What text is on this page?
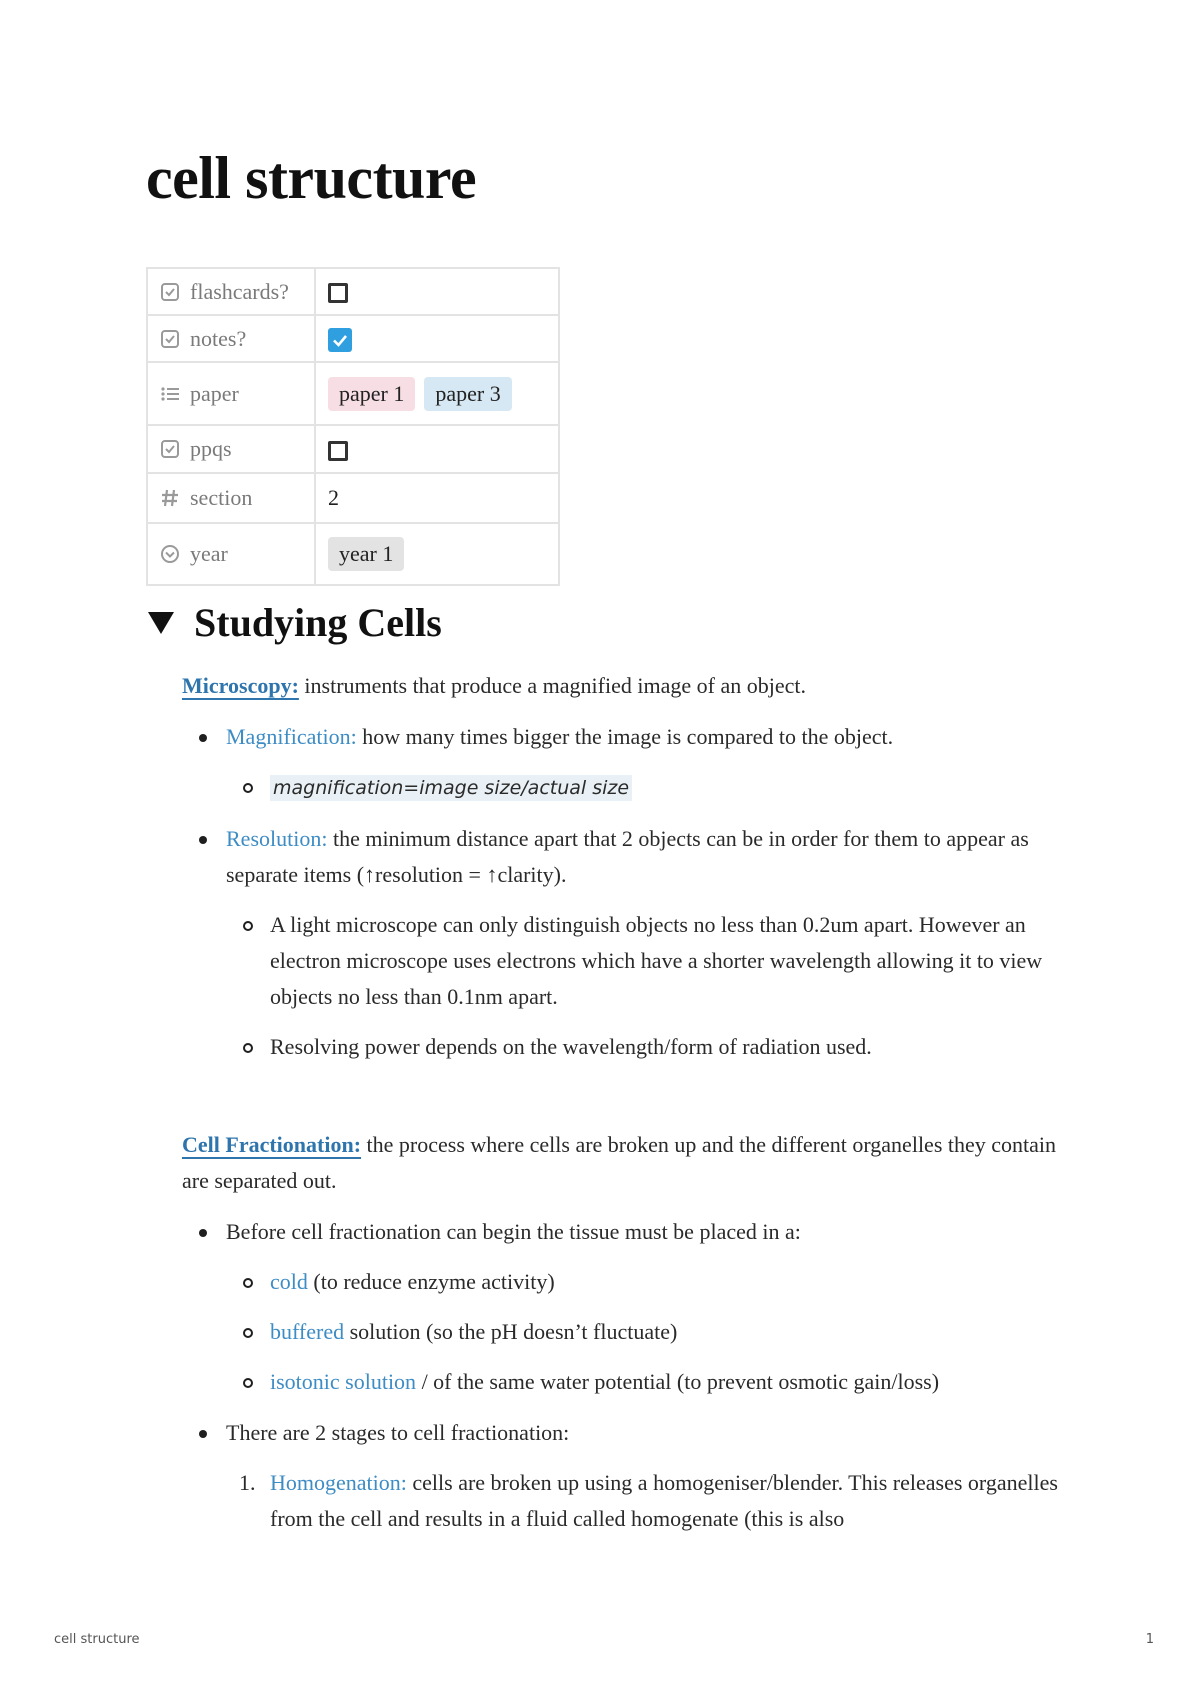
cell structure
flashcards?	

notes?

paper	paper 1 paper 3

ppqs	

section	2

year	year 1
Studying Cells

Microscopy: instruments that produce a magnified image of an object.

Magnification: how many times bigger the image is compared to the object.
magnification=image size/actual size
Resolution: the minimum distance apart that 2 objects can be in order for them to appear as separate items (↑resolution = ↑clarity).
A light microscope can only distinguish objects no less than 0.2um apart. However an electron microscope uses electrons which have a shorter wavelength allowing it to view objects no less than 0.1nm apart.
Resolving power depends on the wavelength/form of radiation used.

Cell Fractionation: the process where cells are broken up and the different organelles they contain are separated out.

Before cell fractionation can begin the tissue must be placed in a:
cold (to reduce enzyme activity)
buffered solution (so the pH doesn’t fluctuate)
isotonic solution / of the same water potential (to prevent osmotic gain/loss)
There are 2 stages to cell fractionation:
1. Homogenation: cells are broken up using a homogeniser/blender. This releases organelles from the cell and results in a fluid called homogenate (this is also
cell structure	1
